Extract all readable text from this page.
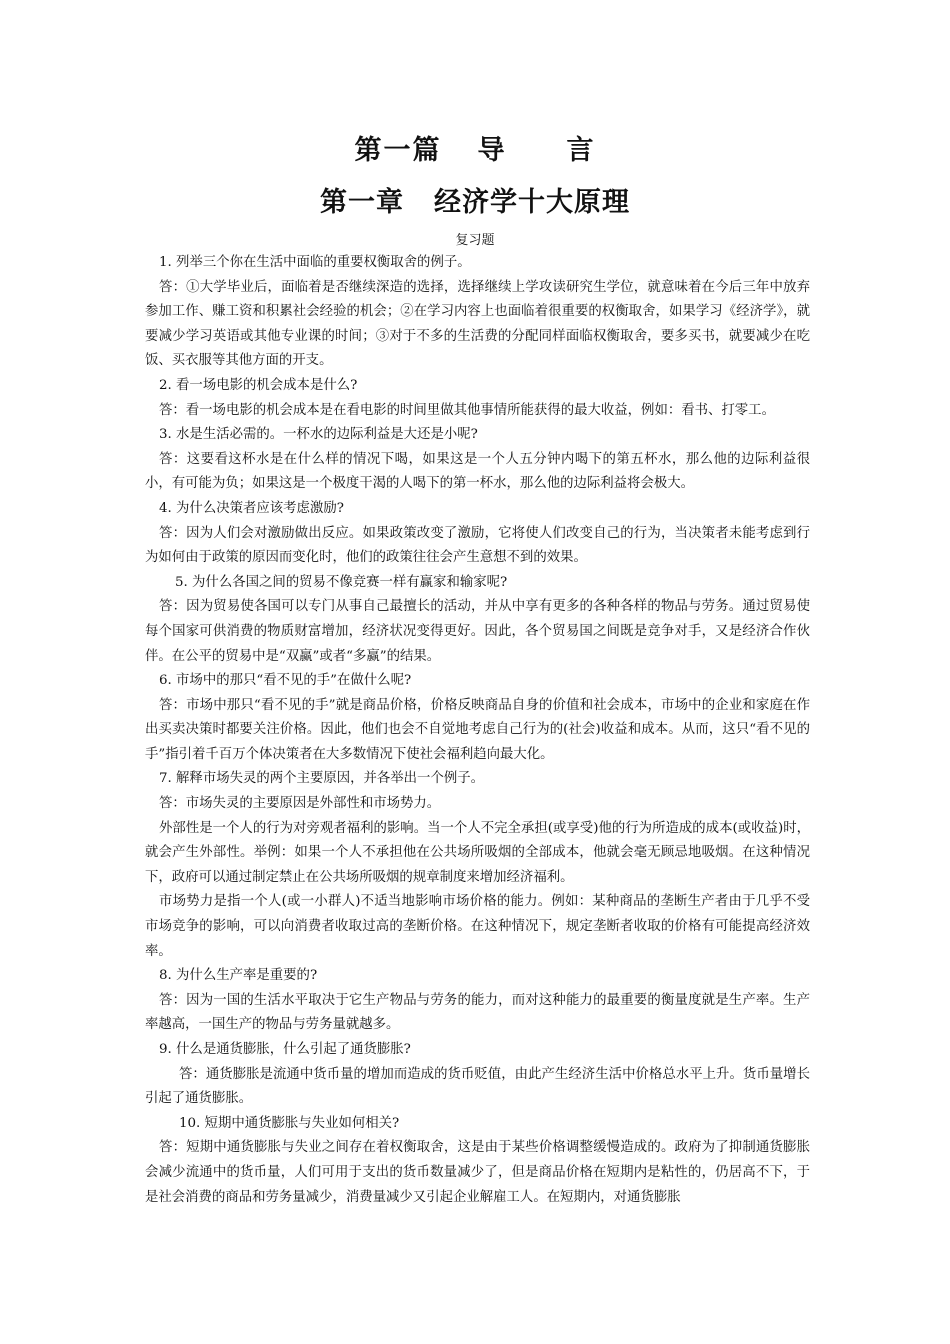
第一篇 导 言
第一章 经济学十大原理
复习题

1. 列举三个你在生活中面临的重要权衡取舍的例子。

答：①大学毕业后，面临着是否继续深造的选择，选择继续上学攻读研究生学位，就意味着在今后三年中放弃参加工作、赚工资和积累社会经验的机会；②在学习内容上也面临着很重要的权衡取舍，如果学习《经济学》，就要减少学习英语或其他专业课的时间；③对于不多的生活费的分配同样面临权衡取舍，要多买书，就要减少在吃饭、买衣服等其他方面的开支。

2. 看一场电影的机会成本是什么?

答：看一场电影的机会成本是在看电影的时间里做其他事情所能获得的最大收益，例如：看书、打零工。

3. 水是生活必需的。一杯水的边际利益是大还是小呢?

答：这要看这杯水是在什么样的情况下喝，如果这是一个人五分钟内喝下的第五杯水，那么他的边际利益很小，有可能为负；如果这是一个极度干渴的人喝下的第一杯水，那么他的边际利益将会极大。

4. 为什么决策者应该考虑激励?

答：因为人们会对激励做出反应。如果政策改变了激励，它将使人们改变自己的行为，当决策者未能考虑到行为如何由于政策的原因而变化时，他们的政策往往会产生意想不到的效果。

5. 为什么各国之间的贸易不像竞赛一样有赢家和输家呢?

答：因为贸易使各国可以专门从事自己最擅长的活动，并从中享有更多的各种各样的物品与劳务。通过贸易使每个国家可供消费的物质财富增加，经济状况变得更好。因此，各个贸易国之间既是竞争对手，又是经济合作伙伴。在公平的贸易中是“双赢”或者“多赢”的结果。

6. 市场中的那只“看不见的手”在做什么呢?

答：市场中那只“看不见的手”就是商品价格，价格反映商品自身的价值和社会成本，市场中的企业和家庭在作出买卖决策时都要关注价格。因此，他们也会不自觉地考虑自己行为的(社会)收益和成本。从而，这只“看不见的手”指引着千百万个体决策者在大多数情况下使社会福利趋向最大化。

7. 解释市场失灵的两个主要原因，并各举出一个例子。

答：市场失灵的主要原因是外部性和市场势力。

外部性是一个人的行为对旁观者福利的影响。当一个人不完全承担(或享受)他的行为所造成的成本(或收益)时，就会产生外部性。举例：如果一个人不承担他在公共场所吸烟的全部成本，他就会毫无顾忌地吸烟。在这种情况下，政府可以通过制定禁止在公共场所吸烟的规章制度来增加经济福利。

市场势力是指一个人(或一小群人)不适当地影响市场价格的能力。例如：某种商品的垄断生产者由于几乎不受市场竞争的影响，可以向消费者收取过高的垄断价格。在这种情况下，规定垄断者收取的价格有可能提高经济效率。

8. 为什么生产率是重要的?

答：因为一国的生活水平取决于它生产物品与劳务的能力，而对这种能力的最重要的衡量度就是生产率。生产率越高，一国生产的物品与劳务量就越多。

9. 什么是通货膨胀，什么引起了通货膨胀?

答：通货膨胀是流通中货币量的增加而造成的货币贬值，由此产生经济生活中价格总水平上升。货币量增长引起了通货膨胀。

10. 短期中通货膨胀与失业如何相关?

答：短期中通货膨胀与失业之间存在着权衡取舍，这是由于某些价格调整缓慢造成的。政府为了抑制通货膨胀会减少流通中的货币量，人们可用于支出的货币数量减少了，但是商品价格在短期内是粘性的，仍居高不下，于是社会消费的商品和劳务量减少，消费量减少又引起企业解雇工人。在短期内，对通货膨胀
